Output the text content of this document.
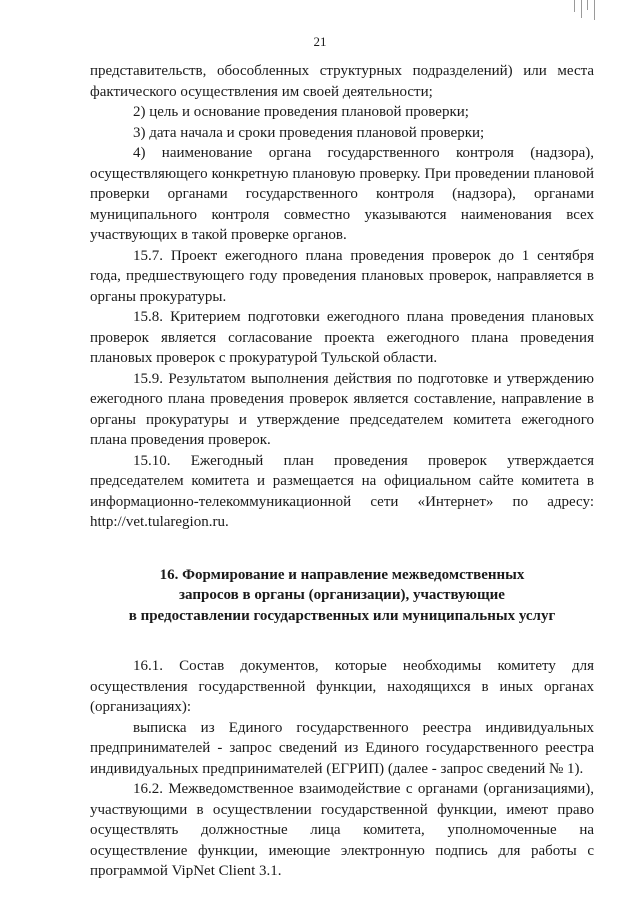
21

представительств, обособленных структурных подразделений) или места фактического осуществления им своей деятельности;

2) цель и основание проведения плановой проверки;

3) дата начала и сроки проведения плановой проверки;

4) наименование органа государственного контроля (надзора), осуществляющего конкретную плановую проверку. При проведении плановой проверки органами государственного контроля (надзора), органами муниципального контроля совместно указываются наименования всех участвующих в такой проверке органов.

15.7. Проект ежегодного плана проведения проверок до 1 сентября года, предшествующего году проведения плановых проверок, направляется в органы прокуратуры.

15.8. Критерием подготовки ежегодного плана проведения плановых проверок является согласование проекта ежегодного плана проведения плановых проверок с прокуратурой Тульской области.

15.9. Результатом выполнения действия по подготовке и утверждению ежегодного плана проведения проверок является составление, направление в органы прокуратуры и утверждение председателем комитета ежегодного плана проведения проверок.

15.10. Ежегодный план проведения проверок утверждается председателем комитета и размещается на официальном сайте комитета в информационно-телекоммуникационной сети «Интернет» по адресу: http://vet.tularegion.ru.

16. Формирование и направление межведомственных
запросов в органы (организации), участвующие
в предоставлении государственных или муниципальных услуг

16.1. Состав документов, которые необходимы комитету для осуществления государственной функции, находящихся в иных органах (организациях):

выписка из Единого государственного реестра индивидуальных предпринимателей - запрос сведений из Единого государственного реестра индивидуальных предпринимателей (ЕГРИП) (далее - запрос сведений № 1).

16.2. Межведомственное взаимодействие с органами (организациями), участвующими в осуществлении государственной функции, имеют право осуществлять должностные лица комитета, уполномоченные на осуществление функции, имеющие электронную подпись для работы с программой VipNet Client 3.1.
